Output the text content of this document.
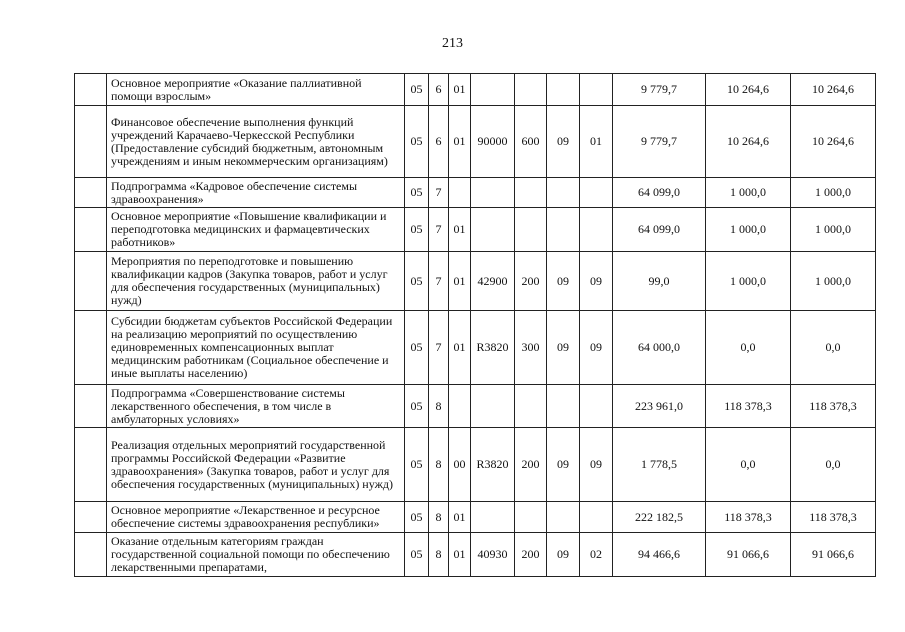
213
	Основное мероприятие «Оказание паллиативной помощи взрослым»	05	6	01					9 779,7	10 264,6	10 264,6
	Финансовое обеспечение выполнения функций учреждений Карачаево-Черкесской Республики (Предоставление субсидий бюджетным, автономным учреждениям и иным некоммерческим организациям)	05	6	01	90000	600	09	01	9 779,7	10 264,6	10 264,6
	Подпрограмма «Кадровое обеспечение системы здравоохранения»	05	7						64 099,0	1 000,0	1 000,0
	Основное мероприятие «Повышение квалификации и переподготовка медицинских и фармацевтических работников»	05	7	01					64 099,0	1 000,0	1 000,0
	Мероприятия по переподготовке и повышению квалификации кадров (Закупка товаров, работ и услуг для обеспечения государственных (муниципальных) нужд)	05	7	01	42900	200	09	09	99,0	1 000,0	1 000,0
	Субсидии бюджетам субъектов Российской Федерации на реализацию мероприятий по осуществлению единовременных компенсационных выплат медицинским работникам (Социальное обеспечение и иные выплаты населению)	05	7	01	R3820	300	09	09	64 000,0	0,0	0,0
	Подпрограмма «Совершенствование системы лекарственного обеспечения, в том числе в амбулаторных условиях»	05	8						223 961,0	118 378,3	118 378,3
	Реализация отдельных мероприятий государственной программы Российской Федерации «Развитие здравоохранения» (Закупка товаров, работ и услуг для обеспечения государственных (муниципальных) нужд)	05	8	00	R3820	200	09	09	1 778,5	0,0	0,0
	Основное мероприятие «Лекарственное и ресурсное обеспечение системы здравоохранения республики»	05	8	01					222 182,5	118 378,3	118 378,3
	Оказание отдельным категориям граждан государственной социальной помощи по обеспечению лекарственными препаратами,	05	8	01	40930	200	09	02	94 466,6	91 066,6	91 066,6
